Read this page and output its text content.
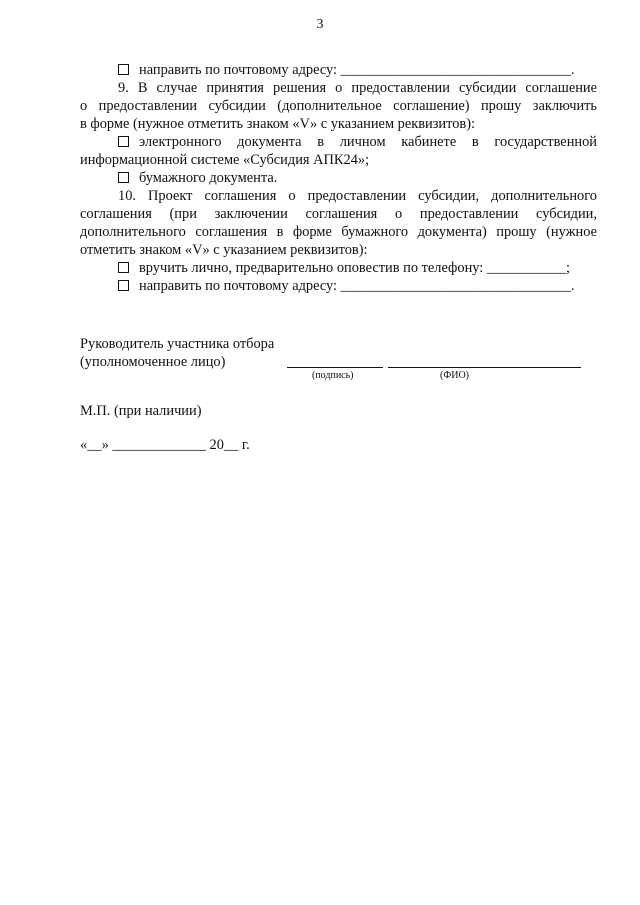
3
направить по почтовому адресу: ________________________________.
9. В случае принятия решения о предоставлении субсидии соглашение
о предоставлении субсидии (дополнительное соглашение) прошу заключить
в форме (нужное отметить знаком «V» с указанием реквизитов):
электронного документа в личном кабинете в государственной
информационной системе «Субсидия АПК24»;
бумажного документа.
10. Проект соглашения о предоставлении субсидии, дополнительного
соглашения (при заключении соглашения о предоставлении субсидии,
дополнительного соглашения в форме бумажного документа) прошу (нужное
отметить знаком «V» с указанием реквизитов):
вручить лично, предварительно оповестив по телефону: ___________;
направить по почтовому адресу: ________________________________.
Руководитель участника отбора
(уполномоченное лицо)
(подпись)	(ФИО)
М.П. (при наличии)
«__» _____________ 20__ г.
